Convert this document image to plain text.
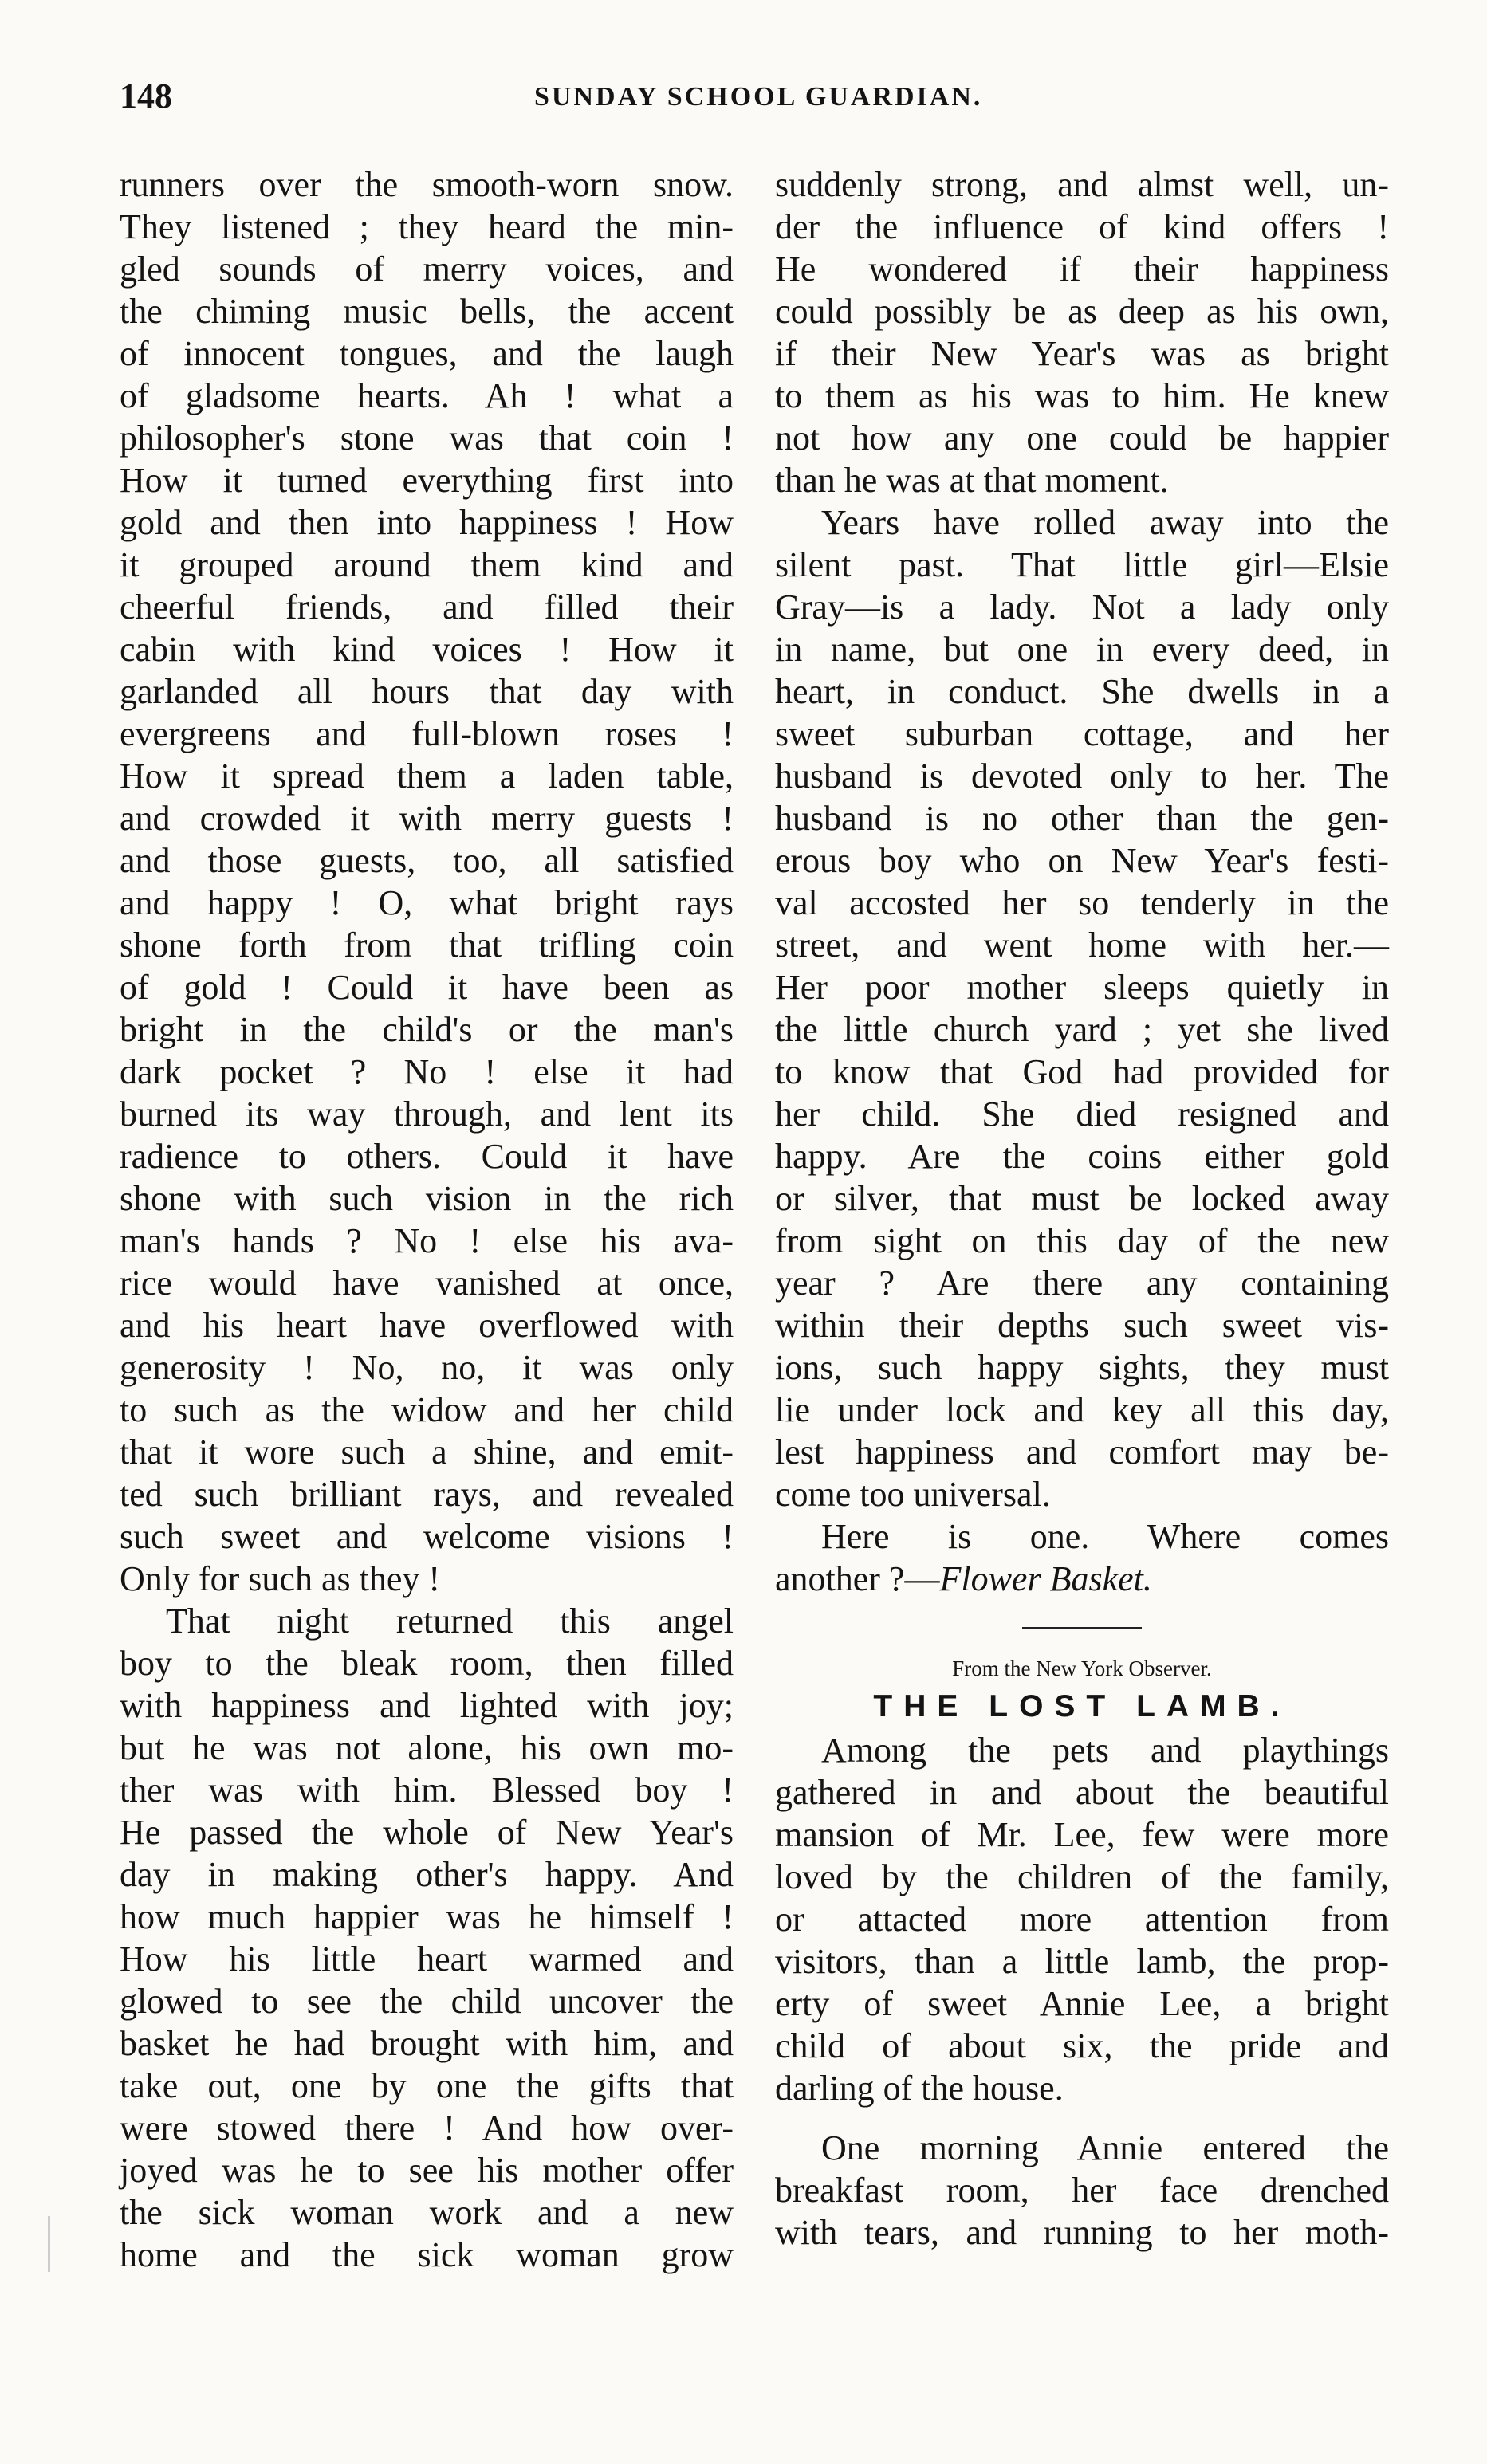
148	SUNDAY SCHOOL GUARDIAN.

runners over the smooth-worn snow.

They listened ; they heard the min-

gled sounds of merry voices, and

the chiming music bells, the accent

of innocent tongues, and the laugh

of gladsome hearts. Ah ! what a

philosopher's stone was that coin !

How it turned everything first into

gold and then into happiness ! How

it grouped around them kind and

cheerful friends, and filled their

cabin with kind voices ! How it

garlanded all hours that day with

evergreens and full-blown roses !

How it spread them a laden table,

and crowded it with merry guests !

and those guests, too, all satisfied

and happy ! O, what bright rays

shone forth from that trifling coin

of gold ! Could it have been as

bright in the child's or the man's

dark pocket ? No ! else it had

burned its way through, and lent its

radience to others. Could it have

shone with such vision in the rich

man's hands ? No ! else his ava-

rice would have vanished at once,

and his heart have overflowed with

generosity ! No, no, it was only

to such as the widow and her child

that it wore such a shine, and emit-

ted such brilliant rays, and revealed

such sweet and welcome visions !

Only for such as they !

That night returned this angel

boy to the bleak room, then filled

with happiness and lighted with joy;

but he was not alone, his own mo-

ther was with him. Blessed boy !

He passed the whole of New Year's

day in making other's happy. And

how much happier was he himself !

How his little heart warmed and

glowed to see the child uncover the

basket he had brought with him, and

take out, one by one the gifts that

were stowed there ! And how over-

joyed was he to see his mother offer

the sick woman work and a new

home and the sick woman grow

suddenly strong, and almst well, un-

der the influence of kind offers !

He wondered if their happiness

could possibly be as deep as his own,

if their New Year's was as bright

to them as his was to him. He knew

not how any one could be happier

than he was at that moment.

Years have rolled away into the

silent past. That little girl—Elsie

Gray—is a lady. Not a lady only

in name, but one in every deed, in

heart, in conduct. She dwells in a

sweet suburban cottage, and her

husband is devoted only to her. The

husband is no other than the gen-

erous boy who on New Year's festi-

val accosted her so tenderly in the

street, and went home with her.—

Her poor mother sleeps quietly in

the little church yard ; yet she lived

to know that God had provided for

her child. She died resigned and

happy. Are the coins either gold

or silver, that must be locked away

from sight on this day of the new

year ? Are there any containing

within their depths such sweet vis-

ions, such happy sights, they must

lie under lock and key all this day,

lest happiness and comfort may be-

come too universal.

Here is one. Where comes

another ?—Flower Basket.

From the New York Observer.

THE LOST LAMB.

Among the pets and playthings

gathered in and about the beautiful

mansion of Mr. Lee, few were more

loved by the children of the family,

or attacted more attention from

visitors, than a little lamb, the prop-

erty of sweet Annie Lee, a bright

child of about six, the pride and

darling of the house.

One morning Annie entered the

breakfast room, her face drenched

with tears, and running to her moth-
